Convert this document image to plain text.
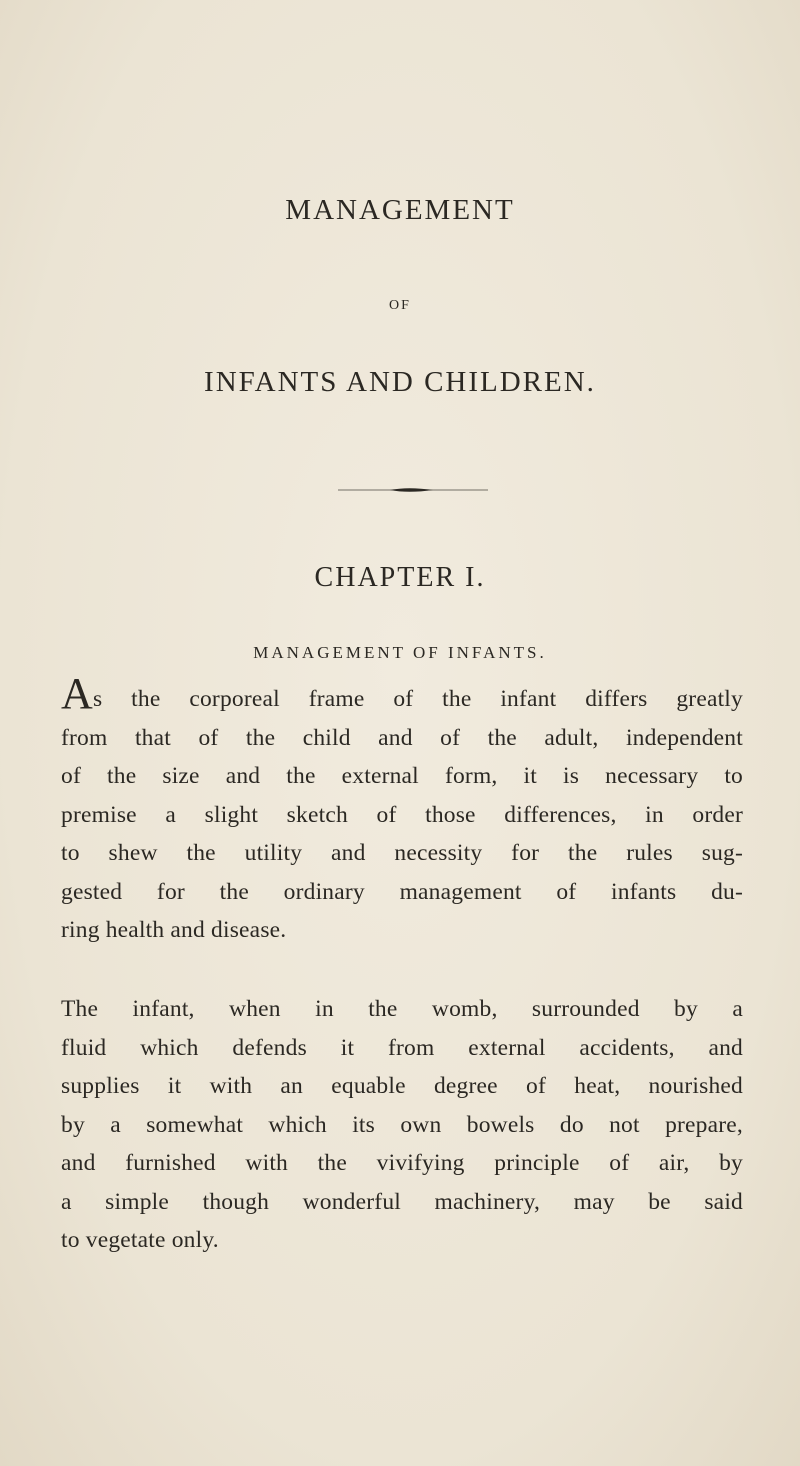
MANAGEMENT
OF
INFANTS AND CHILDREN.
CHAPTER I.
MANAGEMENT OF INFANTS.
As the corporeal frame of the infant differs greatly
from that of the child and of the adult, independent
of the size and the external form, it is necessary to
premise a slight sketch of those differences, in order
to shew the utility and necessity for the rules sug-
gested for the ordinary management of infants du-
ring health and disease.
The infant, when in the womb, surrounded by a
fluid which defends it from external accidents, and
supplies it with an equable degree of heat, nourished
by a somewhat which its own bowels do not prepare,
and furnished with the vivifying principle of air, by
a simple though wonderful machinery, may be said
to vegetate only.
